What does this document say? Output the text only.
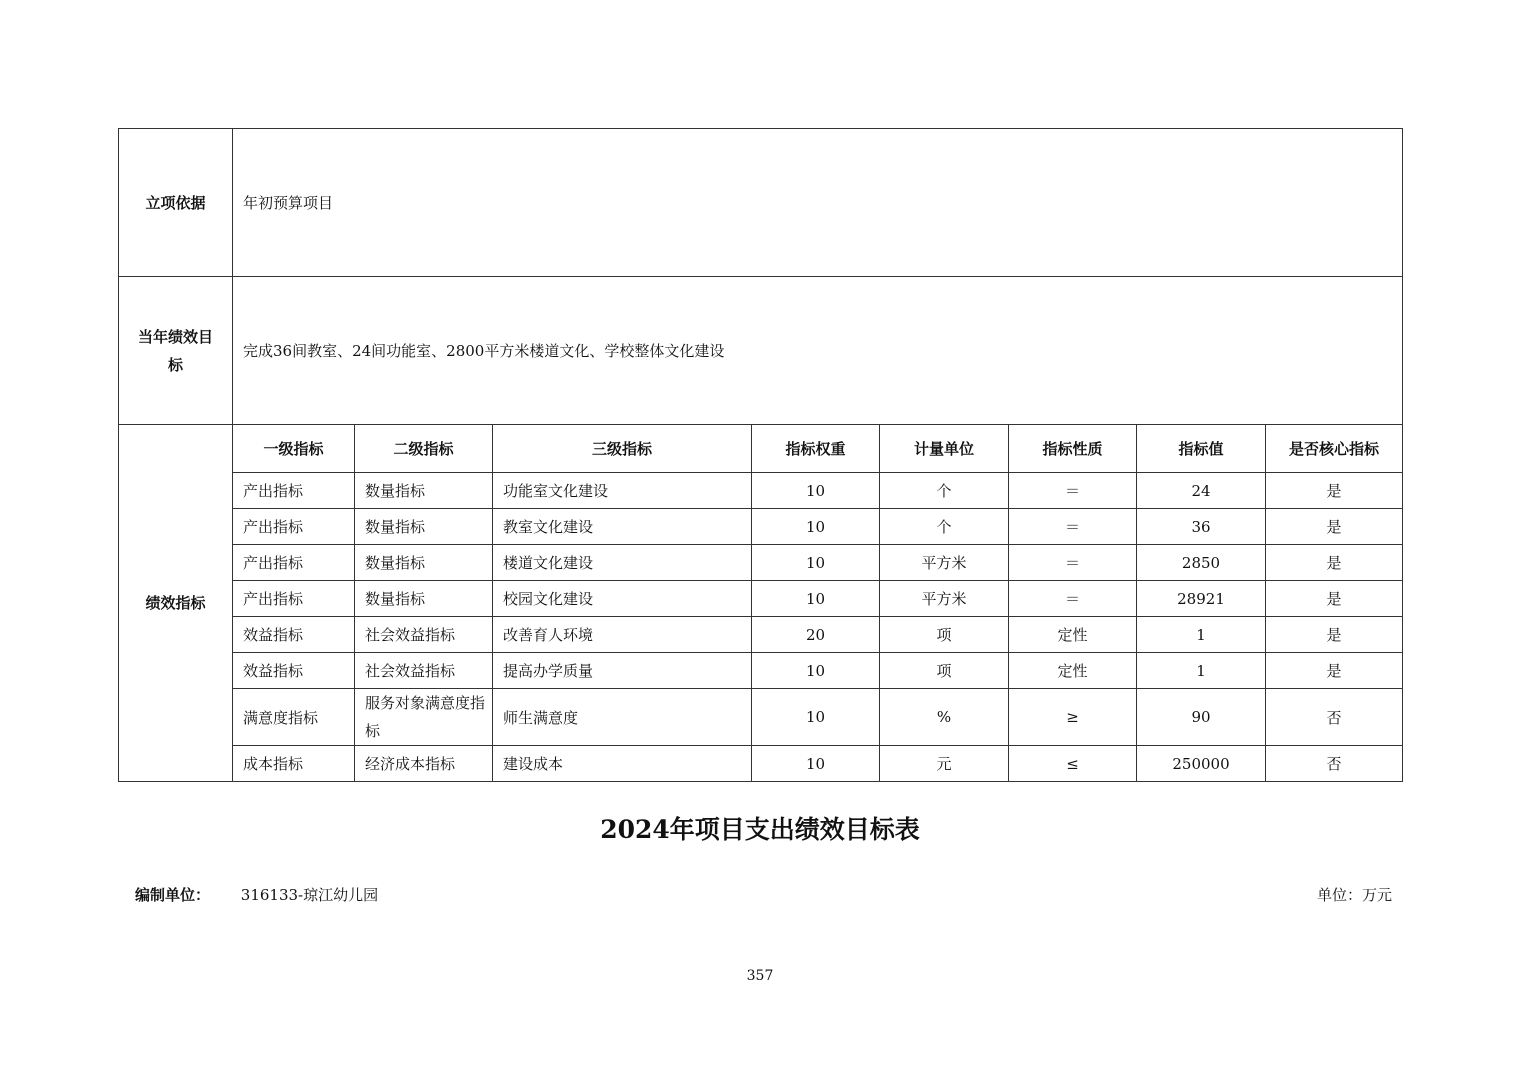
立项依据	年初预算项目							
当年绩效目
标	完成36间教室、24间功能室、2800平方米楼道文化、学校整体文化建设							
绩效指标	一级指标	二级指标	三级指标	指标权重	计量单位	指标性质	指标值	是否核心指标
	产出指标	数量指标	功能室文化建设	10	个	＝	24	是
	产出指标	数量指标	教室文化建设	10	个	＝	36	是
	产出指标	数量指标	楼道文化建设	10	平方米	＝	2850	是
	产出指标	数量指标	校园文化建设	10	平方米	＝	28921	是
	效益指标	社会效益指标	改善育人环境	20	项	定性	1	是
	效益指标	社会效益指标	提高办学质量	10	项	定性	1	是
	满意度指标	服务对象满意度指标	师生满意度	10	%	≥	90	否
	成本指标	经济成本指标	建设成本	10	元	≤	250000	否
2024年项目支出绩效目标表
编制单位： 316133-琼江幼儿园	单位：万元
357
